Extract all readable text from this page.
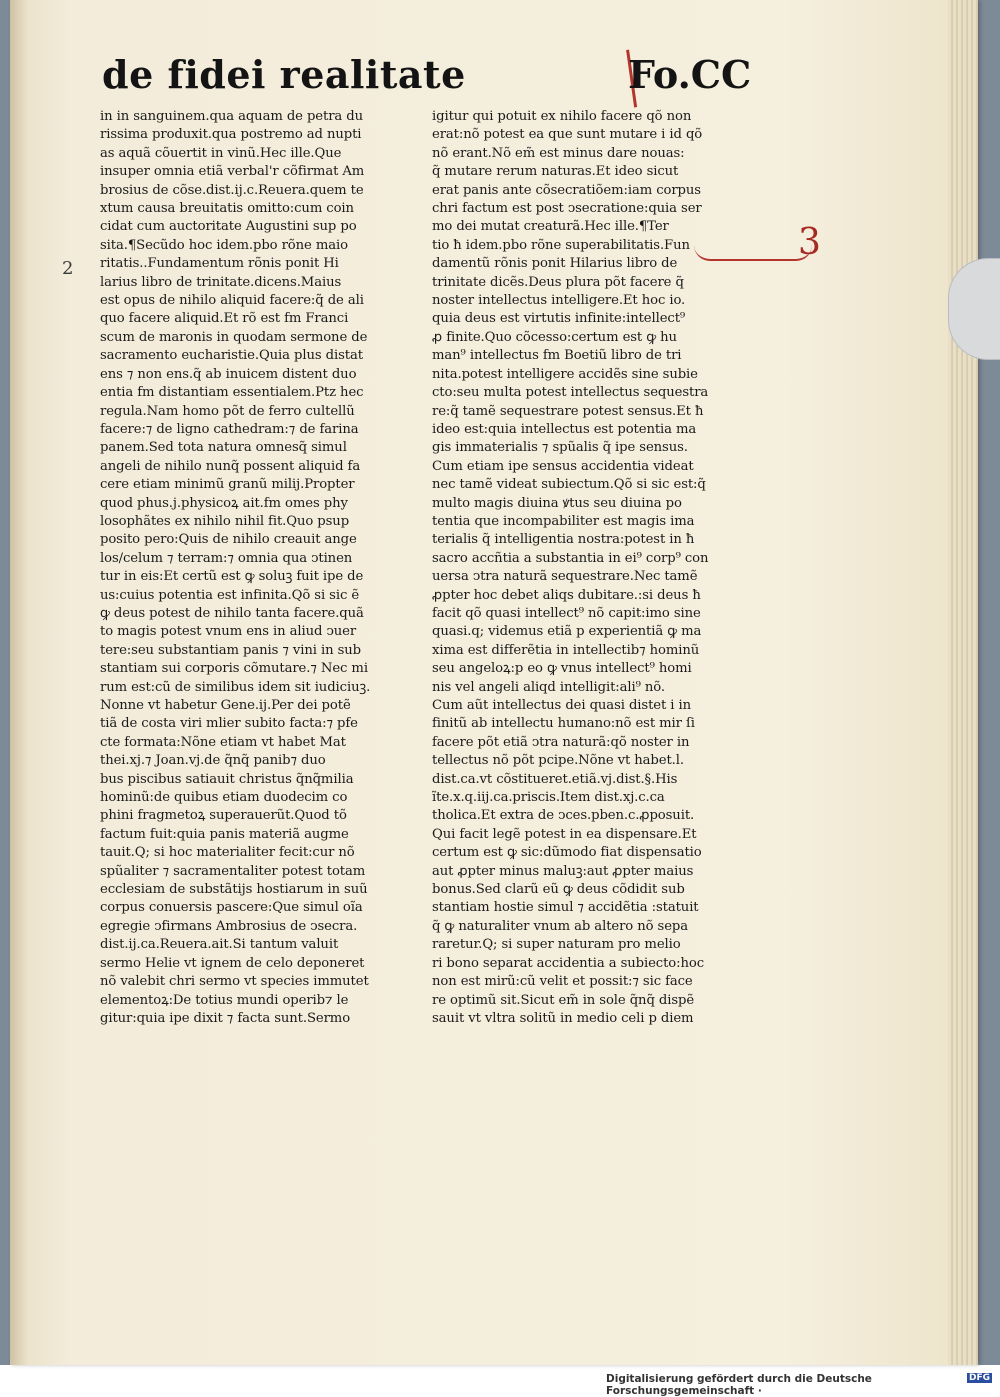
de fidei realitate	Fo.CC
2
3
in in sanguinem.qua aquam de petra du
rissima produxit.qua postremo ad nupti
as aquã cõuertit in vinũ.Hec ille.Que
insuper omnia etiã verbal'r cõfirmat Am
brosius de cõse.dist.ij.c.Reuera.quem te
xtum causa breuitatis omitto:cum coin
cidat cum auctoritate Augustini sup po
sita.¶Secũdo hoc idem.pbo rõne maio
ritatis..Fundamentum rõnis ponit Hi
larius libro de trinitate.dicens.Maius
est opus de nihilo aliquid facere:q̃ de ali
quo facere aliquid.Et rõ est fm Franci
scum de maronis in quodam sermone de
sacramento eucharistie.Quia plus distat
ens ⁊ non ens.q̃ ab inuicem distent duo
entia fm distantiam essentialem.Ptz hec
regula.Nam homo põt de ferro cultellũ
facere:⁊ de ligno cathedram:⁊ de farina
panem.Sed tota natura omnesq̃ simul
angeli de nihilo nunq̃ possent aliquid fa
cere etiam minimũ granũ milij.Propter
quod phus.j.physicoꝝ ait.fm omes phy
losophãtes ex nihilo nihil fit.Quo psup
posito pero:Quis de nihilo creauit ange
los/celum ⁊ terram:⁊ omnia qua ↄtinen
tur in eis:Et certũ est ꝙ soluꝫ fuit ipe de
us:cuius potentia est infinita.Qõ si sic ẽ
ꝙ deus potest de nihilo tanta facere.quã
to magis potest vnum ens in aliud ↄuer
tere:seu substantiam panis ⁊ vini in sub
stantiam sui corporis cõmutare.⁊ Nec mi
rum est:cũ de similibus idem sit iudiciuꝫ.
Nonne vt habetur Gene.ij.Per dei potẽ
tiã de costa viri mlier subito facta:⁊ pfe
cte formata:Nõne etiam vt habet Mat
thei.xj.⁊ Joan.vj.de q̃nq̃ panib⁊ duo
bus piscibus satiauit christus q̃nq̃milia
hominũ:de quibus etiam duodecim co
phini fragmetoꝝ superauerũt.Quod tõ
factum fuit:quia panis materiã augme
tauit.Q; si hoc materialiter fecit:cur nõ
spũaliter ⁊ sacramentaliter potest totam
ecclesiam de substãtijs hostiarum in suũ
corpus conuersis pascere:Que simul oĩa
egregie ↄfirmans Ambrosius de ↄsecra.
dist.ij.ca.Reuera.ait.Si tantum valuit
sermo Helie vt ignem de celo deponeret
nõ valebit chri sermo vt species immutet
elementoꝝ:De totius mundi operib⁊ le
gitur:quia ipe dixit ⁊ facta sunt.Sermo
igitur qui potuit ex nihilo facere qõ non
erat:nõ potest ea que sunt mutare i id qõ
nõ erant.Nõ em̃ est minus dare nouas:
q̃ mutare rerum naturas.Et ideo sicut
erat panis ante cõsecratiõem:iam corpus
chri factum est post ↄsecratione:quia ser
mo dei mutat creaturã.Hec ille.¶Ter
tio ħ idem.pbo rõne superabilitatis.Fun
damentũ rõnis ponit Hilarius libro de
trinitate dicẽs.Deus plura põt facere q̃
noster intellectus intelligere.Et hoc io.
quia deus est virtutis infinite:intellect⁹
ꝓ finite.Quo cõcesso:certum est ꝙ hu
man⁹ intellectus fm Boetiũ libro de tri
nita.potest intelligere accidẽs sine subie
cto:seu multa potest intellectus sequestra
re:q̃ tamẽ sequestrare potest sensus.Et ħ
ideo est:quia intellectus est potentia ma
gis immaterialis ⁊ spũalis q̃ ipe sensus.
Cum etiam ipe sensus accidentia videat
nec tamẽ videat subiectum.Qõ si sic est:q̃
multo magis diuina ꝟtus seu diuina po
tentia que incompabiliter est magis ima
terialis q̃ intelligentia nostra:potest in ħ
sacro accñtia a substantia in ei⁹ corp⁹ con
uersa ↄtra naturã sequestrare.Nec tamẽ
ꝓpter hoc debet aliqs dubitare.:si deus ħ
facit qõ quasi intellect⁹ nõ capit:imo sine
quasi.q; videmus etiã p experientiã ꝙ ma
xima est differẽtia in intellectib⁊ hominũ
seu angeloꝝ:p eo ꝙ vnus intellect⁹ homi
nis vel angeli aliqd intelligit:ali⁹ nõ.
Cum aũt intellectus dei quasi distet i in
finitũ ab intellectu humano:nõ est mir ſi
facere põt etiã ↄtra naturã:qõ noster in
tellectus nõ põt pcipe.Nõne vt habet.l.
dist.ca.vt cõstitueret.etiã.vj.dist.§.His
ĩte.x.q.iij.ca.priscis.Item dist.xj.c.ca
tholica.Et extra de ↄces.pben.c.ꝓposuit.
Qui facit legẽ potest in ea dispensare.Et
certum est ꝙ sic:dũmodo fiat dispensatio
aut ꝓpter minus maluꝫ:aut ꝓpter maius
bonus.Sed clarũ eũ ꝙ deus cõdidit sub
stantiam hostie simul ⁊ accidẽtia :statuit
q̃ ꝙ naturaliter vnum ab altero nõ sepa
raretur.Q; si super naturam pro melio
ri bono separat accidentia a subiecto:hoc
non est mirũ:cũ velit et possit:⁊ sic face
re optimũ sit.Sicut em̃ in sole q̃nq̃ dispẽ
sauit vt vltra solitũ in medio celi p diem
Digitalisierung gefördert durch die Deutsche Forschungsgemeinschaft ·
DFG
